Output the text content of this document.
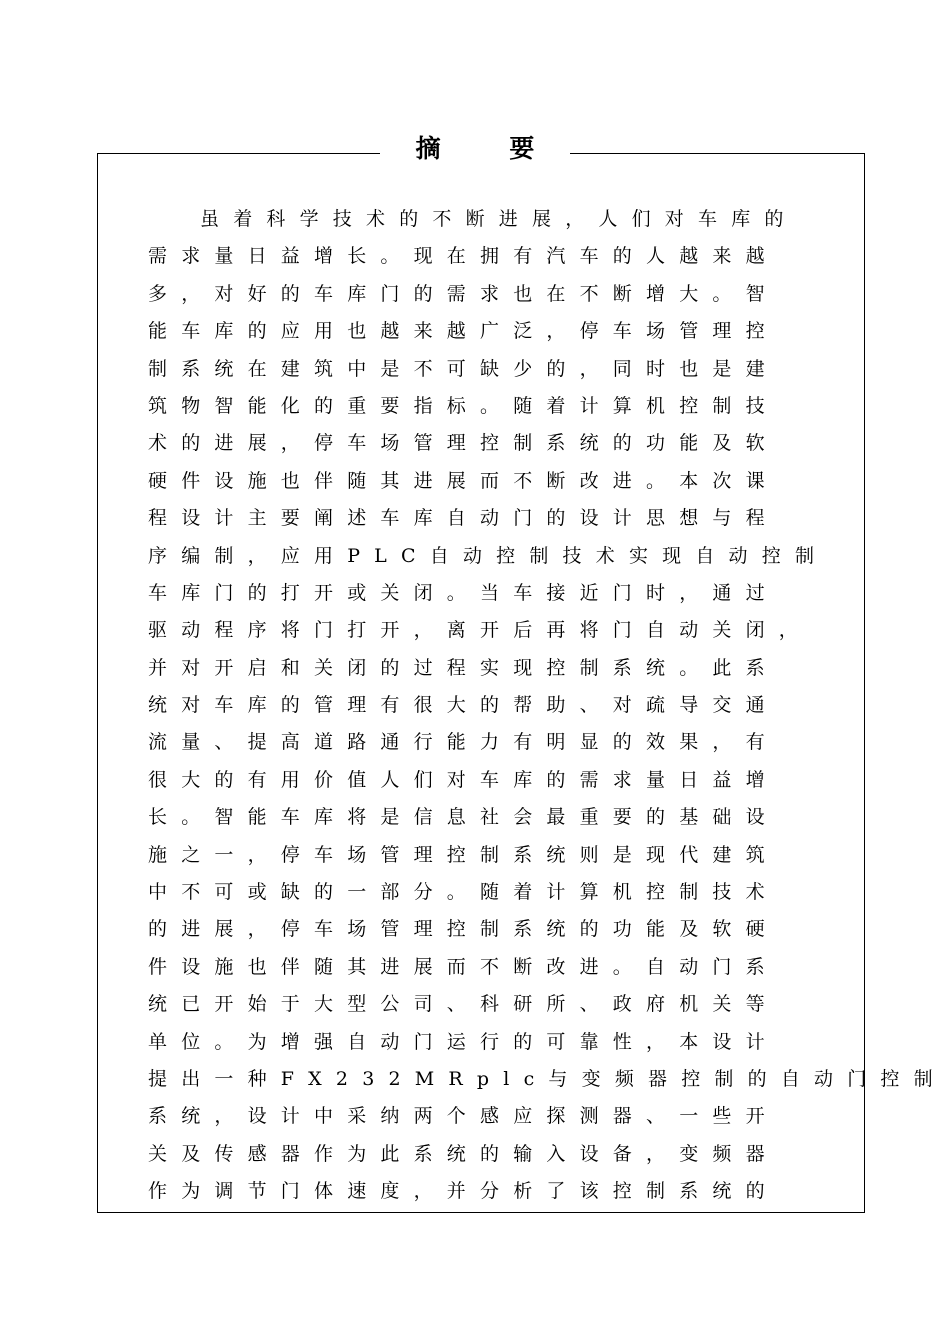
摘 要
虽着科学技术的不断进展，人们对车库的
需求量日益增长。现在拥有汽车的人越来越
多，对好的车库门的需求也在不断增大。智
能车库的应用也越来越广泛，停车场管理控
制系统在建筑中是不可缺少的，同时也是建
筑物智能化的重要指标。随着计算机控制技
术的进展，停车场管理控制系统的功能及软
硬件设施也伴随其进展而不断改进。本次课
程设计主要阐述车库自动门的设计思想与程
序编制，应用PLC自动控制技术实现自动控制
车库门的打开或关闭。当车接近门时，通过
驱动程序将门打开，离开后再将门自动关闭，
并对开启和关闭的过程实现控制系统。此系
统对车库的管理有很大的帮助、对疏导交通
流量、提高道路通行能力有明显的效果，有
很大的有用价值人们对车库的需求量日益增
长。智能车库将是信息社会最重要的基础设
施之一，停车场管理控制系统则是现代建筑
中不可或缺的一部分。随着计算机控制技术
的进展，停车场管理控制系统的功能及软硬
件设施也伴随其进展而不断改进。自动门系
统已开始于大型公司、科研所、政府机关等
单位。为增强自动门运行的可靠性，本设计
提出一种FX232MRplc与变频器控制的自动门控制
系统，设计中采纳两个感应探测器、一些开
关及传感器作为此系统的输入设备，变频器
作为调节门体速度，并分析了该控制系统的
